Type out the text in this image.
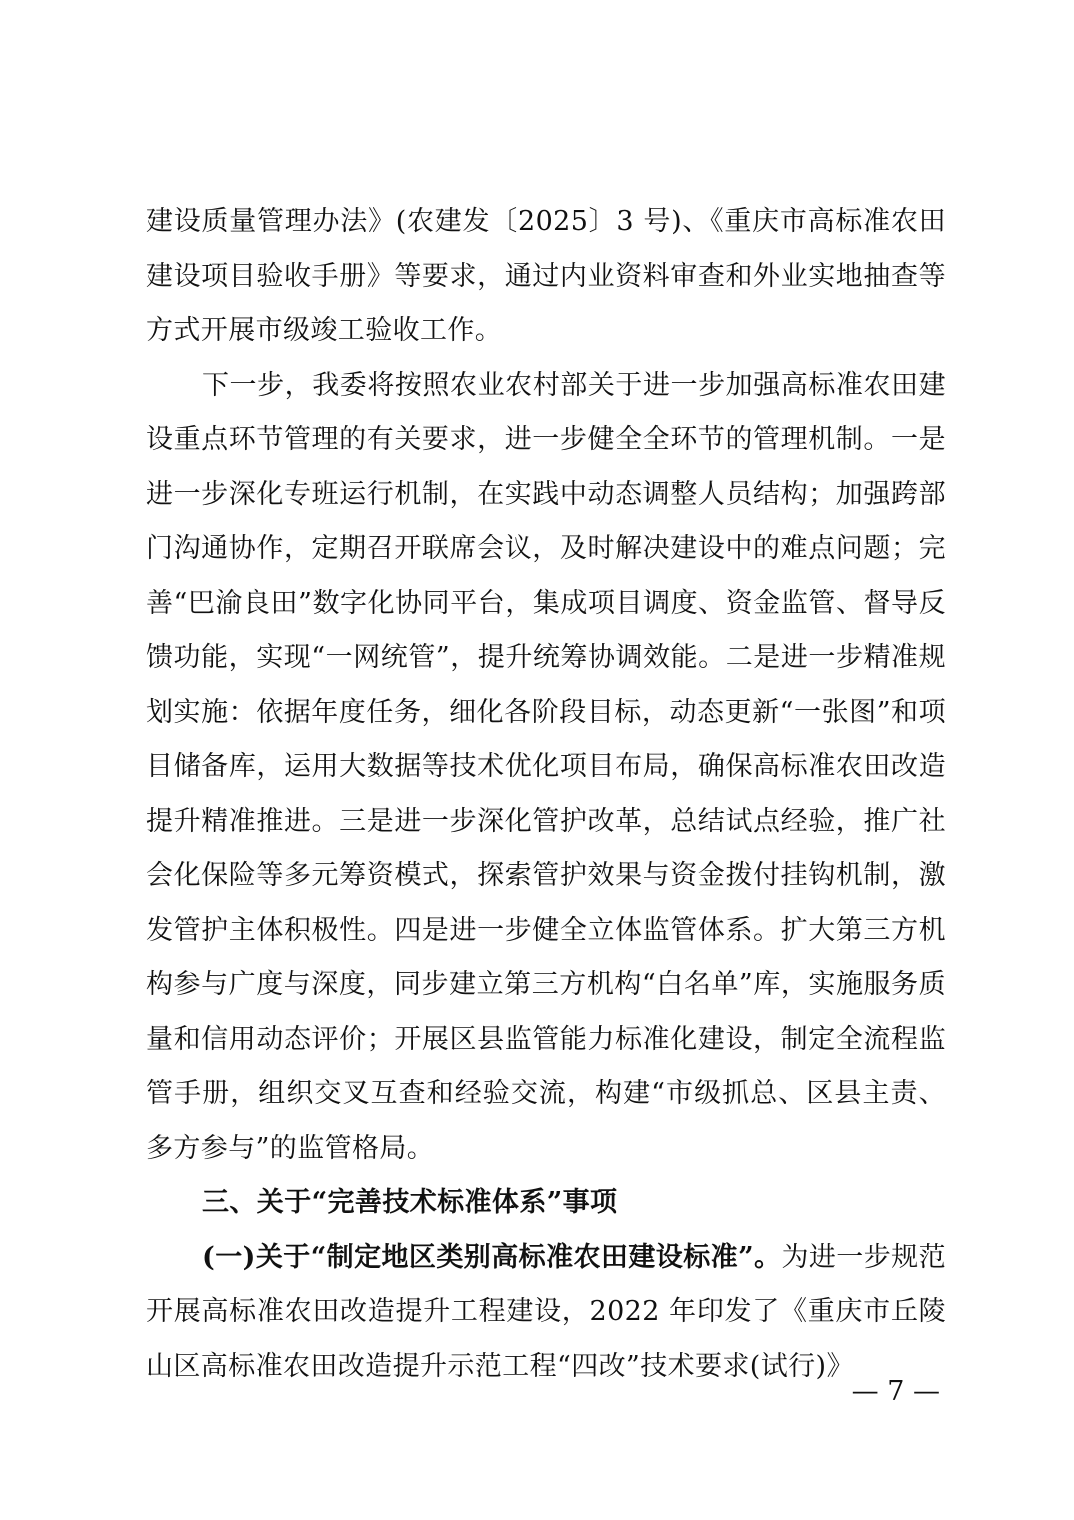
建设质量管理办法》(农建发〔2025〕3 号)、《重庆市高标准农田建设项目验收手册》等要求，通过内业资料审查和外业实地抽查等方式开展市级竣工验收工作。

下一步，我委将按照农业农村部关于进一步加强高标准农田建设重点环节管理的有关要求，进一步健全全环节的管理机制。一是进一步深化专班运行机制，在实践中动态调整人员结构；加强跨部门沟通协作，定期召开联席会议，及时解决建设中的难点问题；完善“巴渝良田”数字化协同平台，集成项目调度、资金监管、督导反馈功能，实现“一网统管”，提升统筹协调效能。二是进一步精准规划实施：依据年度任务，细化各阶段目标，动态更新“一张图”和项目储备库，运用大数据等技术优化项目布局，确保高标准农田改造提升精准推进。三是进一步深化管护改革，总结试点经验，推广社会化保险等多元筹资模式，探索管护效果与资金拨付挂钩机制，激发管护主体积极性。四是进一步健全立体监管体系。扩大第三方机构参与广度与深度，同步建立第三方机构“白名单”库，实施服务质量和信用动态评价；开展区县监管能力标准化建设，制定全流程监管手册，组织交叉互查和经验交流，构建“市级抓总、区县主责、多方参与”的监管格局。

三、关于“完善技术标准体系”事项

(一)关于“制定地区类别高标准农田建设标准”。为进一步规范开展高标准农田改造提升工程建设，2022 年印发了《重庆市丘陵山区高标准农田改造提升示范工程“四改”技术要求(试行)》

— 7 —
